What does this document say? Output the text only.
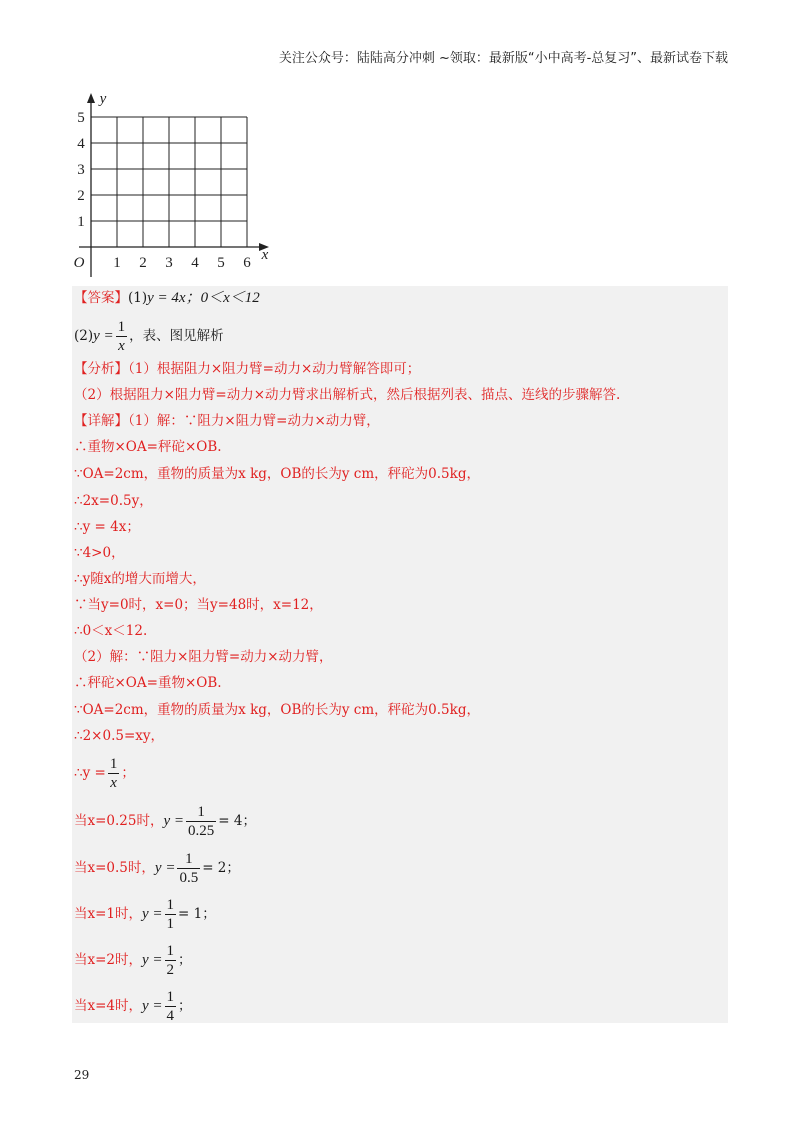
关注公众号：陆陆高分冲刺 ~领取：最新版“小中高考-总复习”、最新试卷下载
1 2 3 4 5 6
1
2
3
4
5
O	x
y
【答案】(1)y = 4x；0＜x＜12
$(2)y = \frac{1}{x}$ ，表、图见解析
【分析】（1）根据阻力×阻力臂=动力×动力臂解答即可；
（2）根据阻力×阻力臂=动力×动力臂求出解析式，然后根据列表、描点、连线的步骤解答.
【详解】（1）解：∵阻力×阻力臂=动力×动力臂，
∴重物×OA=秤砣×OB.
∵OA=2cm，重物的质量为x kg，OB的长为y cm，秤砣为0.5kg，
∴2x=0.5y，
∴y = 4x；
∵4>0，
∴y随x的增大而增大，
∵当y=0时，x=0；当y=48时，x=12，
∴0＜x＜12.
（2）解：∵阻力×阻力臂=动力×动力臂，
∴秤砣×OA=重物×OB.
∵OA=2cm，重物的质量为x kg，OB的长为y cm，秤砣为0.5kg，
∴2×0.5=xy，
∴y = $\frac{1}{x}$ ；
当x=0.25时，$y = \frac{1}{0.25} = 4$；
当x=0.5时，$y = \frac{1}{0.5} = 2$；
当x=1时，$y = \frac{1}{1} = 1$；
当x=2时，$y = \frac{1}{2}$ ；
当x=4时，$y = \frac{1}{4}$ ；
29
